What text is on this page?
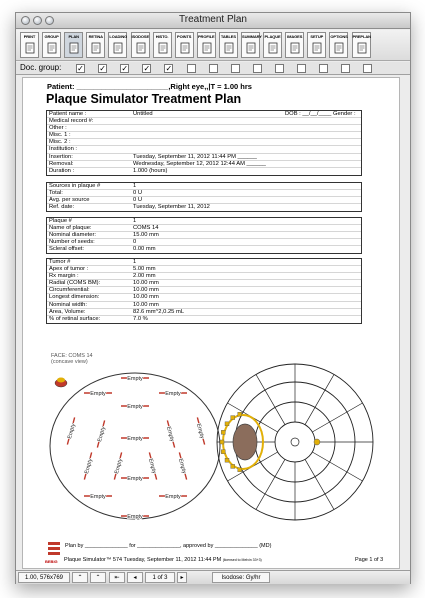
Treatment Plan
PRINT	GROUP	PLAN	RETINA	LOADING ISODOSE	HISTO.	POINTS	PROFILE TABLES SUMMARY PLAQUE IMAGES	SETUP	OPTIONS PREPLAN
Doc. group: ✓ ✓ ✓ ✓ ✓
Patient: ______________________,Right eye,,|T = 1.00 hrs
Plaque Simulator Treatment Plan
DOB : __/__/____ Gender :
Patient name :	Untitled
Medical record #:
Other :
Misc. 1 :
Misc. 2 :
Institution :
Insertion:	Tuesday, September 11, 2012 11:44 PM ______
Removal:	Wednesday, September 12, 2012 12:44 AM ______
Duration :	1.000 (hours)
Sources in plaque #	1
Total:	0 U
Avg. per source	0 U
Ref. date:	Tuesday, September 11, 2012
Plaque #	1
Name of plaque:	COMS 14
Nominal diameter:	15.00 mm
Number of seeds:	0
Scleral offset:	0.00 mm
Tumor #	1
Apex of tumor :	5.00 mm
Rx margin :	2.00 mm
Radial (COMS BM):	10.00 mm
Circumferential:	10.00 mm
Longest dimension:	10.00 mm
Nominal width:	10.00 mm
Area, Volume:	82.6 mm^2,0.25 mL
% of retinal surface:	7.0 %
FACE: COMS 14
(concave view)
Empty
Empty	Empty
Empty
Empty	Empty	Empty	Empty	Empty
Empty	Empty	Empty	Empty
Empty
Empty	Empty
Empty
Plan by ______________ for ______________, approved by ______________ (MD)
BEBIG Plaque Simulator™ 574 Tuesday, September 11, 2012 11:44 PM (licensed to Melvin 33+3)	Page 1 of 3
1.00, 576x769	⌃	⌃	⇤	◂	1 of 3	▸	Isodose: Gy/hr
